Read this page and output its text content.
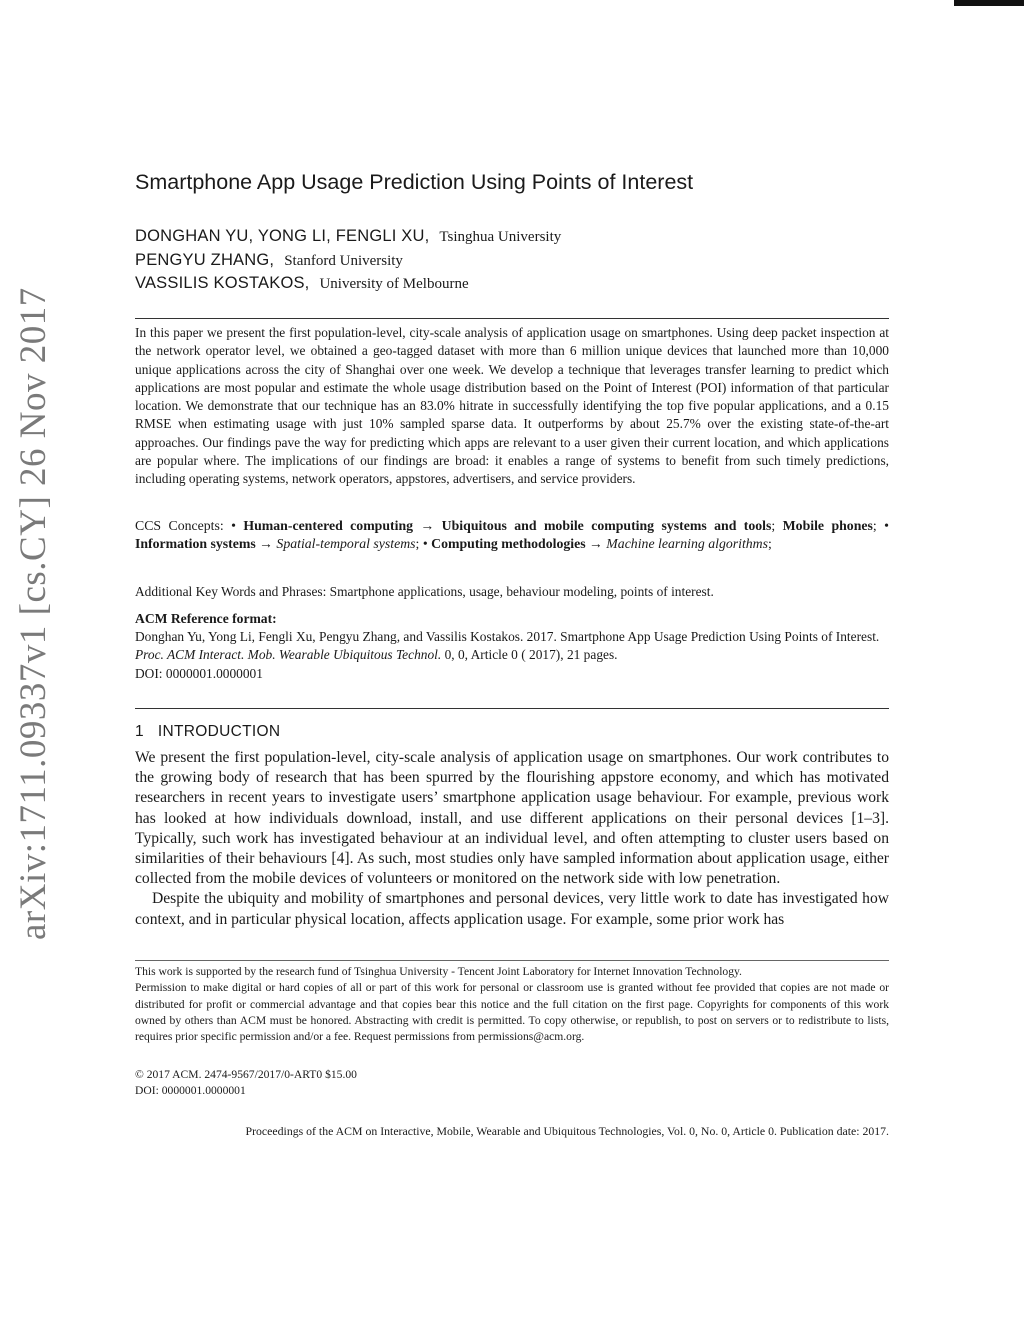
arXiv:1711.09337v1 [cs.CY] 26 Nov 2017
Smartphone App Usage Prediction Using Points of Interest
DONGHAN YU, YONG LI, FENGLI XU, Tsinghua University
PENGYU ZHANG, Stanford University
VASSILIS KOSTAKOS, University of Melbourne

In this paper we present the first population-level, city-scale analysis of application usage on smartphones. Using deep packet inspection at the network operator level, we obtained a geo-tagged dataset with more than 6 million unique devices that launched more than 10,000 unique applications across the city of Shanghai over one week. We develop a technique that leverages transfer learning to predict which applications are most popular and estimate the whole usage distribution based on the Point of Interest (POI) information of that particular location. We demonstrate that our technique has an 83.0% hitrate in successfully identifying the top five popular applications, and a 0.15 RMSE when estimating usage with just 10% sampled sparse data. It outperforms by about 25.7% over the existing state-of-the-art approaches. Our findings pave the way for predicting which apps are relevant to a user given their current location, and which applications are popular where. The implications of our findings are broad: it enables a range of systems to benefit from such timely predictions, including operating systems, network operators, appstores, advertisers, and service providers.

CCS Concepts: • Human-centered computing → Ubiquitous and mobile computing systems and tools; Mobile phones; • Information systems → Spatial-temporal systems; • Computing methodologies → Machine learning algorithms;

Additional Key Words and Phrases: Smartphone applications, usage, behaviour modeling, points of interest.

ACM Reference format:

Donghan Yu, Yong Li, Fengli Xu, Pengyu Zhang, and Vassilis Kostakos. 2017. Smartphone App Usage Prediction Using Points of Interest. Proc. ACM Interact. Mob. Wearable Ubiquitous Technol. 0, 0, Article 0 ( 2017), 21 pages.
DOI: 0000001.0000001

1 INTRODUCTION

We present the first population-level, city-scale analysis of application usage on smartphones. Our work contributes to the growing body of research that has been spurred by the flourishing appstore economy, and which has motivated researchers in recent years to investigate users’ smartphone application usage behaviour. For example, previous work has looked at how individuals download, install, and use different applications on their personal devices [1–3]. Typically, such work has investigated behaviour at an individual level, and often attempting to cluster users based on similarities of their behaviours [4]. As such, most studies only have sampled information about application usage, either collected from the mobile devices of volunteers or monitored on the network side with low penetration.

Despite the ubiquity and mobility of smartphones and personal devices, very little work to date has investigated how context, and in particular physical location, affects application usage. For example, some prior work has

This work is supported by the research fund of Tsinghua University - Tencent Joint Laboratory for Internet Innovation Technology.

Permission to make digital or hard copies of all or part of this work for personal or classroom use is granted without fee provided that copies are not made or distributed for profit or commercial advantage and that copies bear this notice and the full citation on the first page. Copyrights for components of this work owned by others than ACM must be honored. Abstracting with credit is permitted. To copy otherwise, or republish, to post on servers or to redistribute to lists, requires prior specific permission and/or a fee. Request permissions from permissions@acm.org.

© 2017 ACM. 2474-9567/2017/0-ART0 $15.00
DOI: 0000001.0000001
Proceedings of the ACM on Interactive, Mobile, Wearable and Ubiquitous Technologies, Vol. 0, No. 0, Article 0. Publication date: 2017.
